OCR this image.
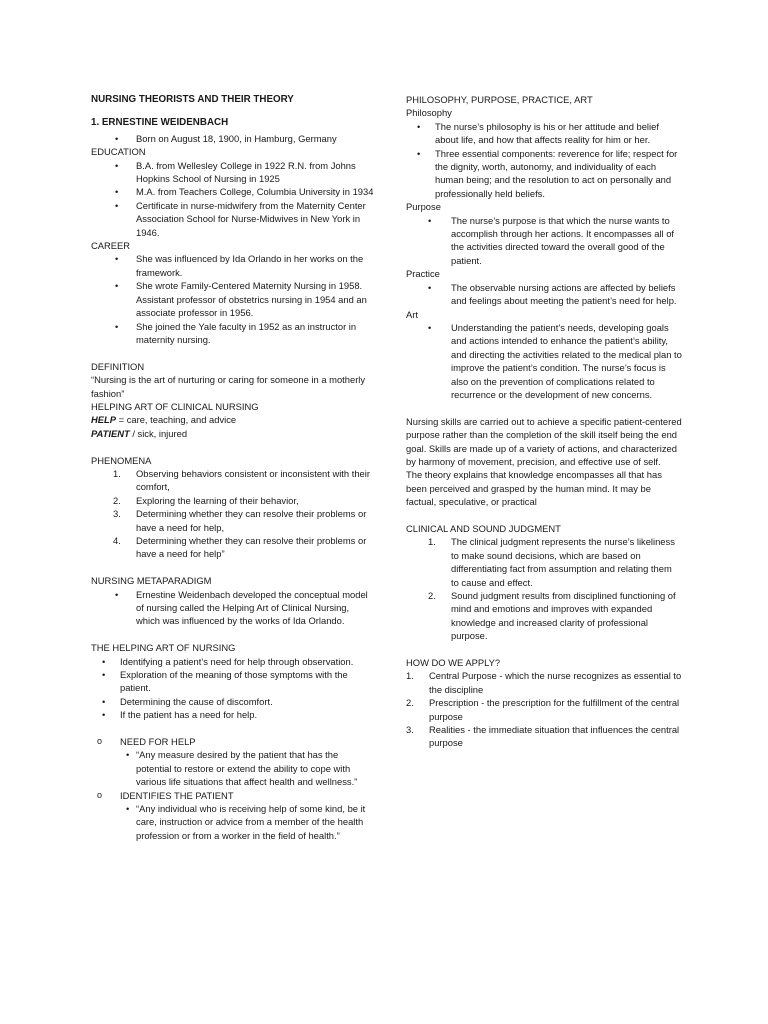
NURSING THEORISTS AND THEIR THEORY

1. ERNESTINE WEIDENBACH

• Born on August 18, 1900, in Hamburg, Germany

EDUCATION

• B.A. from Wellesley College in 1922 R.N. from Johns Hopkins School of Nursing in 1925
• M.A. from Teachers College, Columbia University in 1934
• Certificate in nurse-midwifery from the Maternity Center Association School for Nurse-Midwives in New York in 1946.

CAREER

• She was influenced by Ida Orlando in her works on the framework.
• She wrote Family-Centered Maternity Nursing in 1958. Assistant professor of obstetrics nursing in 1954 and an associate professor in 1956.
• She joined the Yale faculty in 1952 as an instructor in maternity nursing.

DEFINITION

“Nursing is the art of nurturing or caring for someone in a motherly fashion”

HELPING ART OF CLINICAL NURSING

HELP = care, teaching, and advice

PATIENT / sick, injured

PHENOMENA

1. Observing behaviors consistent or inconsistent with their comfort,
2. Exploring the learning of their behavior,
3. Determining whether they can resolve their problems or have a need for help,
4. Determining whether they can resolve their problems or have a need for help”

NURSING METAPARADIGM

• Ernestine Weidenbach developed the conceptual model of nursing called the Helping Art of Clinical Nursing, which was influenced by the works of Ida Orlando.

THE HELPING ART OF NURSING

• Identifying a patient’s need for help through observation.
• Exploration of the meaning of those symptoms with the patient.
• Determining the cause of discomfort.
• If the patient has a need for help.
o NEED FOR HELP
• “Any measure desired by the patient that has the potential to restore or extend the ability to cope with various life situations that affect health and wellness.”
o IDENTIFIES THE PATIENT
• “Any individual who is receiving help of some kind, be it care, instruction or advice from a member of the health profession or from a worker in the field of health.”

PHILOSOPHY, PURPOSE, PRACTICE, ART

Philosophy

• The nurse’s philosophy is his or her attitude and belief about life, and how that affects reality for him or her.
• Three essential components: reverence for life; respect for the dignity, worth, autonomy, and individuality of each human being; and the resolution to act on personally and professionally held beliefs.

Purpose

• The nurse’s purpose is that which the nurse wants to accomplish through her actions. It encompasses all of the activities directed toward the overall good of the patient.

Practice

• The observable nursing actions are affected by beliefs and feelings about meeting the patient’s need for help.

Art

• Understanding the patient’s needs, developing goals and actions intended to enhance the patient’s ability, and directing the activities related to the medical plan to improve the patient’s condition. The nurse’s focus is also on the prevention of complications related to recurrence or the development of new concerns.

Nursing skills are carried out to achieve a specific patient-centered purpose rather than the completion of the skill itself being the end goal. Skills are made up of a variety of actions, and characterized by harmony of movement, precision, and effective use of self.

The theory explains that knowledge encompasses all that has been perceived and grasped by the human mind. It may be factual, speculative, or practical

CLINICAL AND SOUND JUDGMENT

1. The clinical judgment represents the nurse’s likeliness to make sound decisions, which are based on differentiating fact from assumption and relating them to cause and effect.
2. Sound judgment results from disciplined functioning of mind and emotions and improves with expanded knowledge and increased clarity of professional purpose.

HOW DO WE APPLY?

1. Central Purpose - which the nurse recognizes as essential to the discipline
2. Prescription - the prescription for the fulfillment of the central purpose
3. Realities - the immediate situation that influences the central purpose
